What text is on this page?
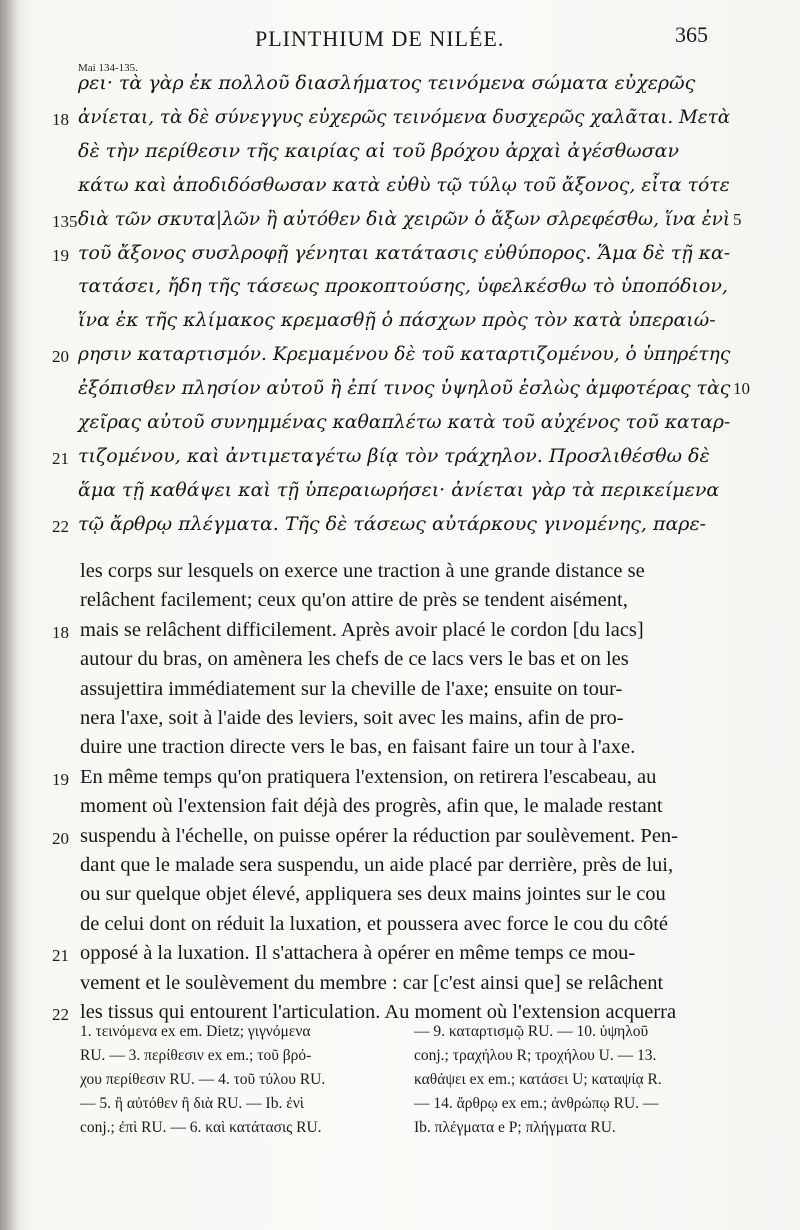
PLINTHIUM DE NILÉE.	365
Mai 134-135.
ρει· τὰ γὰρ ἐκ πολλοῦ διασλήματος τεινόμενα σώματα εὐχερῶς
ἀνίεται, τὰ δὲ σύνεγγυς εὐχερῶς τεινόμενα δυσχερῶς χαλᾶται. Μετὰ
18
δὲ τὴν περίθεσιν τῆς καιρίας αἱ τοῦ βρόχου ἀρχαὶ ἀγέσθωσαν
κάτω καὶ ἀποδιδόσθωσαν κατὰ εὐθὺ τῷ τύλῳ τοῦ ἄξονος, εἶτα τότε
διὰ τῶν σκυτα|λῶν ἢ αὐτόθεν διὰ χειρῶν ὁ ἄξων σλρεφέσθω, ἵνα ἐνὶ
135	5
τοῦ ἄξονος συσλροφῇ γένηται κατάτασις εὐθύπορος. Ἅμα δὲ τῇ κα-
19
τατάσει, ἤδη τῆς τάσεως προκοπτούσης, ὑφελκέσθω τὸ ὑποπόδιον,
ἵνα ἐκ τῆς κλίμακος κρεμασθῇ ὁ πάσχων πρὸς τὸν κατὰ ὑπεραιώ-
ρησιν καταρτισμόν. Κρεμαμένου δὲ τοῦ καταρτιζομένου, ὁ ὑπηρέτης
20
ἐξόπισθεν πλησίον αὐτοῦ ἢ ἐπί τινος ὑψηλοῦ ἑσλὼς ἀμφοτέρας τὰς 10
χεῖρας αὐτοῦ συνημμένας καθαπλέτω κατὰ τοῦ αὐχένος τοῦ καταρ-
τιζομένου, καὶ ἀντιμεταγέτω βίᾳ τὸν τράχηλον. Προσλιθέσθω δὲ
21
ἅμα τῇ καθάψει καὶ τῇ ὑπεραιωρήσει· ἀνίεται γὰρ τὰ περικείμενα
τῷ ἄρθρῳ πλέγματα. Τῆς δὲ τάσεως αὐτάρκους γινομένης, παρε-
22
les corps sur lesquels on exerce une traction à une grande distance se
relâchent facilement; ceux qu'on attire de près se tendent aisément,
mais se relâchent difficilement. Après avoir placé le cordon [du lacs]
18
autour du bras, on amènera les chefs de ce lacs vers le bas et on les
assujettira immédiatement sur la cheville de l'axe; ensuite on tour-
nera l'axe, soit à l'aide des leviers, soit avec les mains, afin de pro-
duire une traction directe vers le bas, en faisant faire un tour à l'axe.
En même temps qu'on pratiquera l'extension, on retirera l'escabeau, au
19
moment où l'extension fait déjà des progrès, afin que, le malade restant
suspendu à l'échelle, on puisse opérer la réduction par soulèvement. Pen-
20
dant que le malade sera suspendu, un aide placé par derrière, près de lui,
ou sur quelque objet élevé, appliquera ses deux mains jointes sur le cou
de celui dont on réduit la luxation, et poussera avec force le cou du côté
opposé à la luxation. Il s'attachera à opérer en même temps ce mou-
21
vement et le soulèvement du membre : car [c'est ainsi que] se relâchent
les tissus qui entourent l'articulation. Au moment où l'extension acquerra
22
1. τεινόμενα ex em. Dietz; γιγνόμενα
RU. — 3. περίθεσιν ex em.; τοῦ βρό-
χου περίθεσιν RU. — 4. τοῦ τύλου RU.
— 5. ἢ αὐτόθεν ἢ διὰ RU. — Ib. ἐνὶ
conj.; ἐπὶ RU. — 6. καὶ κατάτασις RU.
— 9. καταρτισμῷ RU. — 10. ὑψηλοῦ
conj.; τραχήλου R; τροχήλου U. — 13.
καθάψει ex em.; κατάσει U; καταψίᾳ R.
— 14. ἄρθρῳ ex em.; ἀνθρώπῳ RU. —
Ib. πλέγματα e P; πλήγματα RU.
